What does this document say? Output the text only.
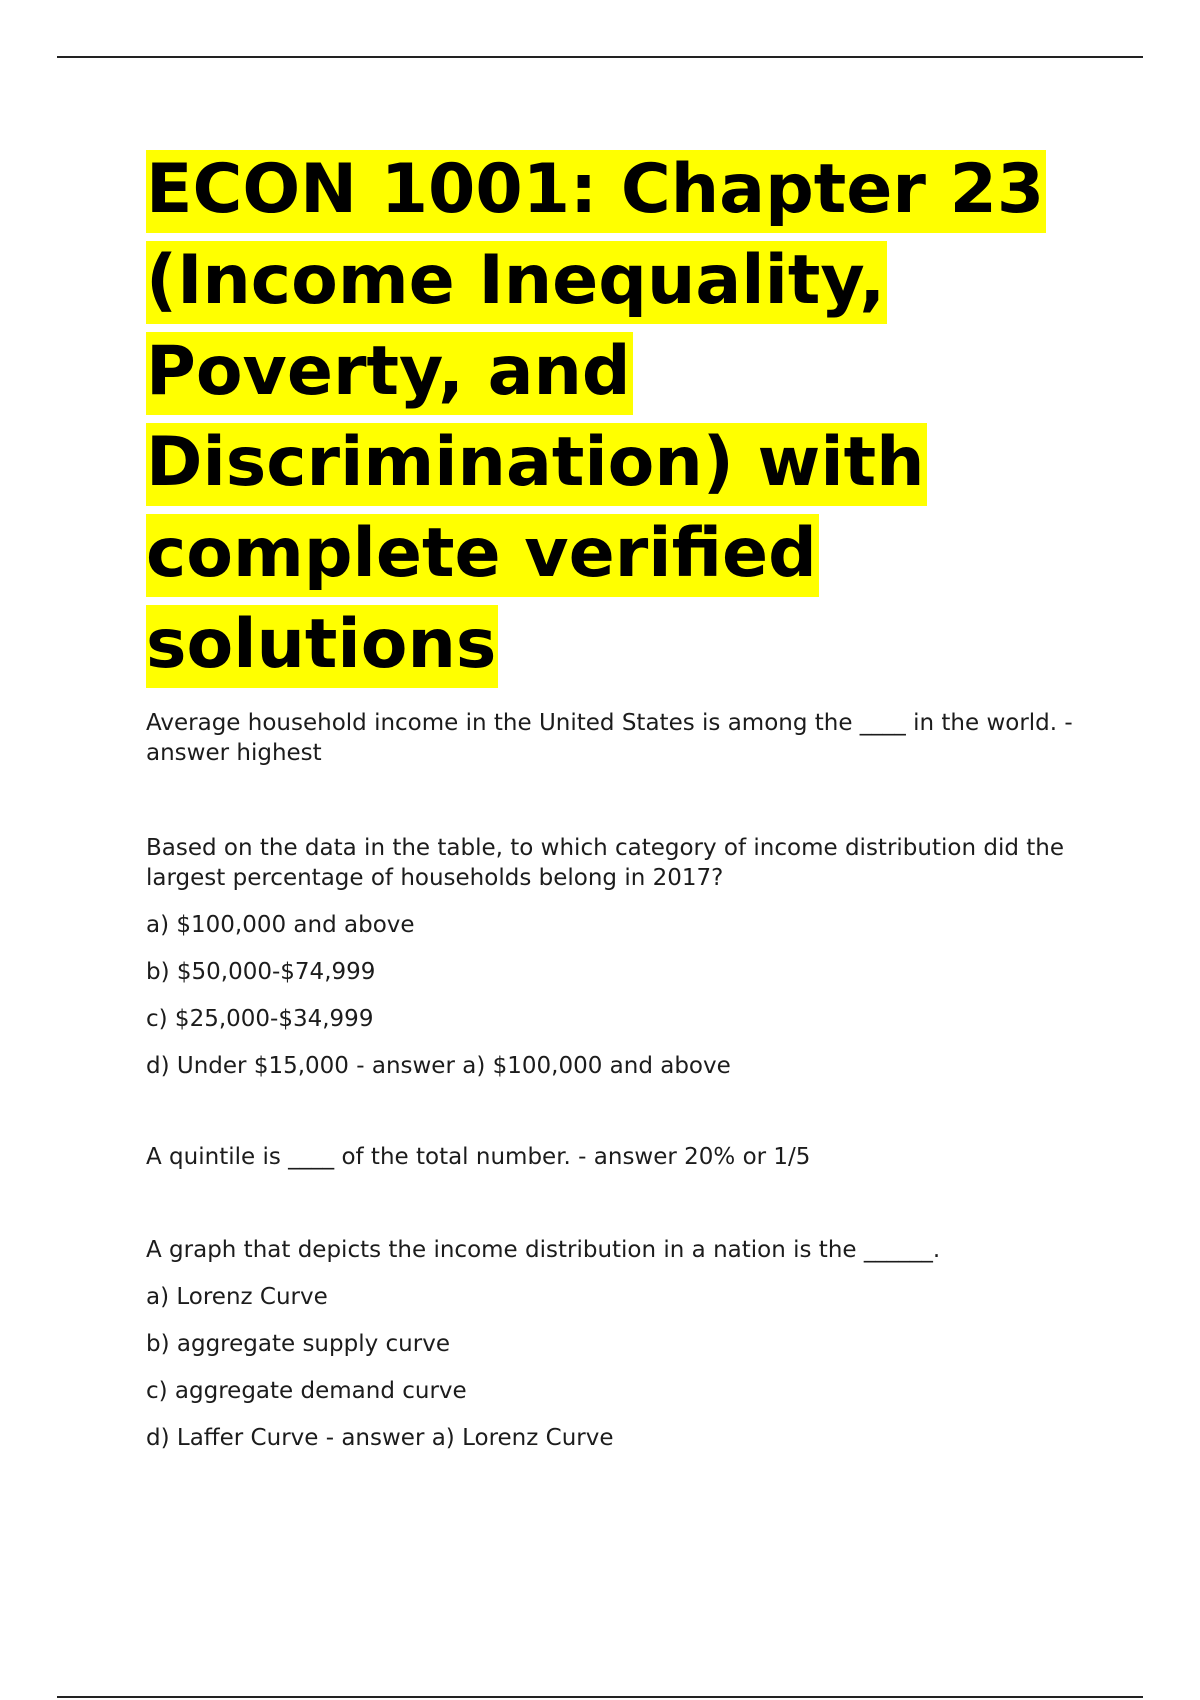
ECON 1001: Chapter 23 (Income Inequality, Poverty, and Discrimination) with complete verified solutions

Average household income in the United States is among the ____ in the world. - answer highest

Based on the data in the table, to which category of income distribution did the largest percentage of households belong in 2017?

a) $100,000 and above

b) $50,000-$74,999

c) $25,000-$34,999

d) Under $15,000 - answer a) $100,000 and above

A quintile is ____ of the total number. - answer 20% or 1/5

A graph that depicts the income distribution in a nation is the ______.

a) Lorenz Curve

b) aggregate supply curve

c) aggregate demand curve

d) Laffer Curve - answer a) Lorenz Curve
